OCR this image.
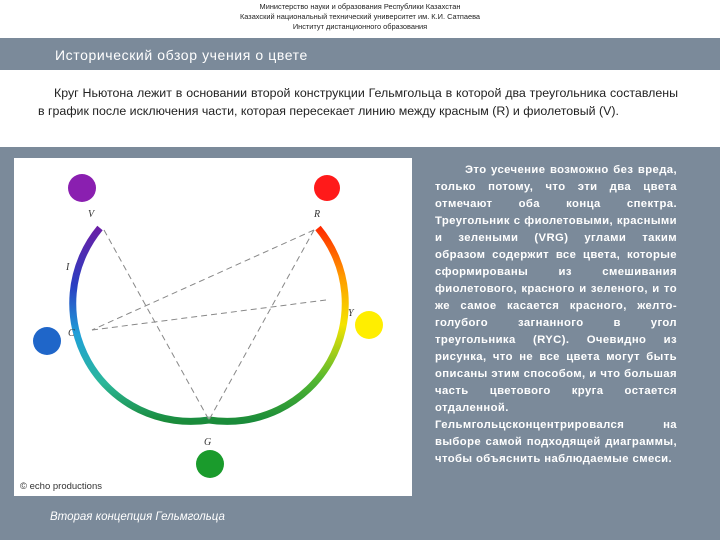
Министерство науки и образования Республики Казахстан
Казахский национальный технический университет им. К.И. Сатпаева
Институт дистанционного образования
Исторический обзор учения о цвете
Круг Ньютона лежит в основании второй конструкции Гельмгольца в которой два треугольника составлены в график после исключения части, которая пересекает линию между красным (R) и фиолетовый (V).
V	R
I
C
Y
G
© echo productions
Это усечение возможно без вреда, только потому, что эти два цвета отмечают оба конца спектра. Треугольник с фиолетовыми, красными и зелеными (VRG) углами таким образом содержит все цвета, которые сформированы из смешивания фиолетового, красного и зеленого, и то же самое касается красного, желто-голубого загнанного в угол треугольника (RYC). Очевидно из рисунка, что не все цвета могут быть описаны этим способом, и что большая часть цветового круга остается отдаленной. Гельмгольцсконцентрировался на выборе самой подходящей диаграммы, чтобы объяснить наблюдаемые смеси.
Вторая концепция Гельмгольца
